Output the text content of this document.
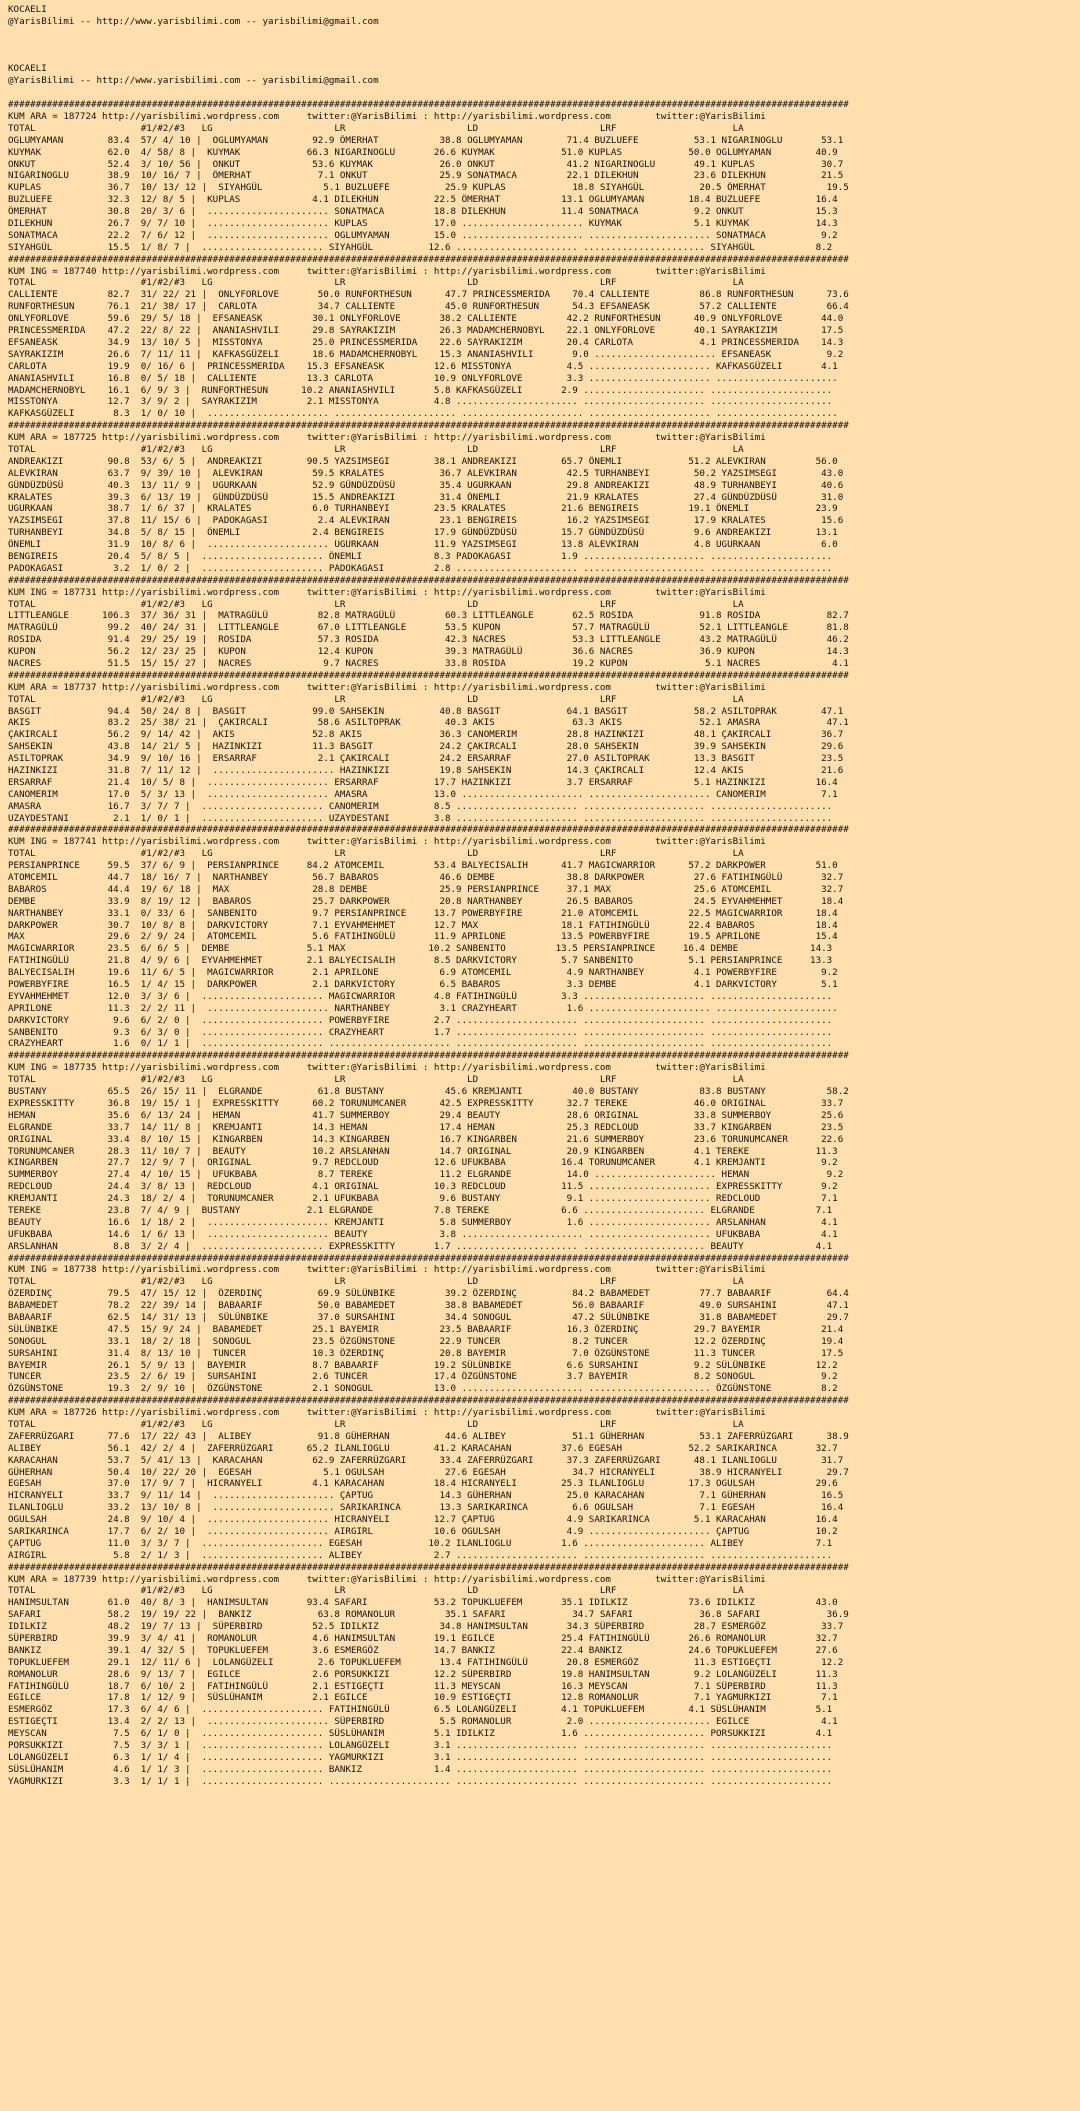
KOCAELI
@YarisBilimi -- http://www.yarisbilimi.com -- yarisbilimi@gmail.com
KOCAELI
@YarisBilimi -- http://www.yarisbilimi.com -- yarisbilimi@gmail.com
########################################################################################################################################################
KUM ARA = 187724 http://yarisbilimi.wordpress.com     twitter:@YarisBilimi : http://yarisbilimi.wordpress.com        twitter:@YarisBilimi
TOTAL                   #1/#2/#3   LG                      LR                      LD                      LRF                     LA
OGLUMYAMAN        83.4  57/ 4/ 10 |  OGLUMYAMAN        92.9 ÖMERHAT           38.8 OGLUMYAMAN        71.4 BUZLUEFE          53.1 NIGARINOGLU       53.1
KUYMAK            62.0  4/ 58/ 8 |  KUYMAK            66.3 NIGARINOGLU       26.6 KUYMAK            51.0 KUPLAS            50.0 OGLUMYAMAN        40.9
ONKUT             52.4  3/ 10/ 56 |  ONKUT             53.6 KUYMAK            26.0 ONKUT             41.2 NIGARINOGLU       49.1 KUPLAS            30.7
NIGARINOGLU       38.9  10/ 16/ 7 |  ÖMERHAT            7.1 ONKUT             25.9 SONATMACA         22.1 DILEKHUN          23.6 DILEKHUN          21.5
KUPLAS            36.7  10/ 13/ 12 |  SIYAHGÜL           5.1 BUZLUEFE          25.9 KUPLAS            18.8 SIYAHGÜL          20.5 ÖMERHAT           19.5
BUZLUEFE          32.3  12/ 8/ 5 |  KUPLAS             4.1 DILEKHUN          22.5 ÖMERHAT           13.1 OGLUMYAMAN        18.4 BUZLUEFE          16.4
ÖMERHAT           30.8  20/ 3/ 6 |  ...................... SONATMACA         18.8 DILEKHUN          11.4 SONATMACA          9.2 ONKUT             15.3
DILEKHUN          26.7  9/ 7/ 10 |  ...................... KUPLAS            17.0 ...................... KUYMAK             5.1 KUYMAK            14.3
SONATMACA         22.2  7/ 6/ 12 |  ...................... OGLUMYAMAN        15.0 ...................... ...................... SONATMACA          9.2
SIYAHGÜL          15.5  1/ 8/ 7 |  ...................... SIYAHGÜL          12.6 ...................... ...................... SIYAHGÜL           8.2
########################################################################################################################################################
KUM ING = 187740 http://yarisbilimi.wordpress.com     twitter:@YarisBilimi : http://yarisbilimi.wordpress.com        twitter:@YarisBilimi
TOTAL                   #1/#2/#3   LG                      LR                      LD                      LRF                     LA
CALLIENTE         82.7  31/ 22/ 21 |  ONLYFORLOVE       50.0 RUNFORTHESUN      47.7 PRINCESSMERIDA    70.4 CALLIENTE         86.8 RUNFORTHESUN      73.6
RUNFORTHESUN      76.1  21/ 38/ 17 |  CARLOTA           34.7 CALLIENTE         45.0 RUNFORTHESUN      54.3 EFSANEASK         57.2 CALLIENTE         66.4
ONLYFORLOVE       59.6  29/ 5/ 18 |  EFSANEASK         30.1 ONLYFORLOVE       38.2 CALLIENTE         42.2 RUNFORTHESUN      40.9 ONLYFORLOVE       44.0
PRINCESSMERIDA    47.2  22/ 8/ 22 |  ANANIASHVILI      29.8 SAYRAKIZIM        26.3 MADAMCHERNOBYL    22.1 ONLYFORLOVE       40.1 SAYRAKIZIM        17.5
EFSANEASK         34.9  13/ 10/ 5 |  MISSTONYA         25.0 PRINCESSMERIDA    22.6 SAYRAKIZIM        20.4 CARLOTA            4.1 PRINCESSMERIDA    14.3
SAYRAKIZIM        26.6  7/ 11/ 11 |  KAFKASGÜZELI      18.6 MADAMCHERNOBYL    15.3 ANANIASHVILI       9.0 ...................... EFSANEASK          9.2
CARLOTA           19.9  0/ 16/ 6 |  PRINCESSMERIDA    15.3 EFSANEASK         12.6 MISSTONYA          4.5 ...................... KAFKASGÜZELI       4.1
ANANIASHVILI      16.8  0/ 5/ 18 |  CALLIENTE         13.3 CARLOTA           10.9 ONLYFORLOVE        3.3 ...................... ......................
MADAMCHERNOBYL    16.1  6/ 9/ 3 |  RUNFORTHESUN      10.2 ANANIASHVILI       5.8 KAFKASGÜZELI       2.9 ...................... ......................
MISSTONYA         12.7  3/ 9/ 2 |  SAYRAKIZIM         2.1 MISSTONYA          4.8 ...................... ...................... ......................
KAFKASGÜZELI       8.3  1/ 0/ 10 |  ...................... ...................... ...................... ...................... ......................
########################################################################################################################################################
KUM ARA = 187725 http://yarisbilimi.wordpress.com     twitter:@YarisBilimi : http://yarisbilimi.wordpress.com        twitter:@YarisBilimi
TOTAL                   #1/#2/#3   LG                      LR                      LD                      LRF                     LA
ANDREAKIZI        90.8  53/ 6/ 5 |  ANDREAKIZI        90.5 YAZSIMSEGI        38.1 ANDREAKIZI        65.7 ÖNEMLI            51.2 ALEVKIRAN         56.0
ALEVKIRAN         63.7  9/ 39/ 10 |  ALEVKIRAN         59.5 KRALATES          36.7 ALEVKIRAN         42.5 TURHANBEYI        50.2 YAZSIMSEGI        43.0
GÜNDÜZDÜSÜ        40.3  13/ 11/ 9 |  UGURKAAN          52.9 GÜNDÜZDÜSÜ        35.4 UGURKAAN          29.8 ANDREAKIZI        48.9 TURHANBEYI        40.6
KRALATES          39.3  6/ 13/ 19 |  GÜNDÜZDÜSÜ        15.5 ANDREAKIZI        31.4 ÖNEMLI            21.9 KRALATES          27.4 GÜNDÜZDÜSÜ        31.0
UGURKAAN          38.7  1/ 6/ 37 |  KRALATES           6.0 TURHANBEYI        23.5 KRALATES          21.6 BENGIREIS         19.1 ÖNEMLI            23.9
YAZSIMSEGI        37.8  11/ 15/ 6 |  PADOKAGASI         2.4 ALEVKIRAN         23.1 BENGIREIS         16.2 YAZSIMSEGI        17.9 KRALATES          15.6
TURHANBEYI        34.8  5/ 8/ 15 |  ÖNEMLI             2.4 BENGIREIS         17.9 GÜNDÜZDÜSÜ        15.7 GÜNDÜZDÜSÜ         9.6 ANDREAKIZI        13.1
ÖNEMLI            31.9  10/ 8/ 6 |  ...................... UGURKAAN          11.9 YAZSIMSEGI        13.8 ALEVKIRAN          4.8 UGURKAAN           6.0
BENGIREIS         20.4  5/ 8/ 5 |  ...................... ÖNEMLI             8.3 PADOKAGASI         1.9 ...................... ......................
PADOKAGASI         3.2  1/ 0/ 2 |  ...................... PADOKAGASI         2.8 ...................... ...................... ......................
########################################################################################################################################################
KUM ING = 187731 http://yarisbilimi.wordpress.com     twitter:@YarisBilimi : http://yarisbilimi.wordpress.com        twitter:@YarisBilimi
TOTAL                   #1/#2/#3   LG                      LR                      LD                      LRF                     LA
LITTLEANGLE      106.3  37/ 36/ 31 |  MATRAGÜLÜ         82.8 MATRAGÜLÜ         60.3 LITTLEANGLE       62.5 ROSIDA            91.8 ROSIDA            82.7
MATRAGÜLÜ         99.2  40/ 24/ 31 |  LITTLEANGLE       67.0 LITTLEANGLE       53.5 KUPON             57.7 MATRAGÜLÜ         52.1 LITTLEANGLE       81.8
ROSIDA            91.4  29/ 25/ 19 |  ROSIDA            57.3 ROSIDA            42.3 NACRES            53.3 LITTLEANGLE       43.2 MATRAGÜLÜ         46.2
KUPON             56.2  12/ 23/ 25 |  KUPON             12.4 KUPON             39.3 MATRAGÜLÜ         36.6 NACRES            36.9 KUPON             14.3
NACRES            51.5  15/ 15/ 27 |  NACRES             9.7 NACRES            33.8 ROSIDA            19.2 KUPON              5.1 NACRES             4.1
########################################################################################################################################################
KUM ARA = 187737 http://yarisbilimi.wordpress.com     twitter:@YarisBilimi : http://yarisbilimi.wordpress.com        twitter:@YarisBilimi
TOTAL                   #1/#2/#3   LG                      LR                      LD                      LRF                     LA
BASGIT            94.4  50/ 24/ 8 |  BASGIT            99.0 SAHSEKIN          40.8 BASGIT            64.1 BASGIT            58.2 ASILTOPRAK        47.1
AKIS              83.2  25/ 38/ 21 |  ÇAKIRCALI         58.6 ASILTOPRAK        40.3 AKIS              63.3 AKIS              52.1 AMASRA            47.1
ÇAKIRCALI         56.2  9/ 14/ 42 |  AKIS              52.8 AKIS              36.3 CANOMERIM         28.8 HAZINKIZI         48.1 ÇAKIRCALI         36.7
SAHSEKIN          43.8  14/ 21/ 5 |  HAZINKIZI         11.3 BASGIT            24.2 ÇAKIRCALI         28.0 SAHSEKIN          39.9 SAHSEKIN          29.6
ASILTOPRAK        34.9  9/ 10/ 16 |  ERSARRAF           2.1 ÇAKIRCALI         24.2 ERSARRAF          27.0 ASILTOPRAK        13.3 BASGIT            23.5
HAZINKIZI         31.8  7/ 11/ 12 |  ...................... HAZINKIZI         19.8 SAHSEKIN          14.3 ÇAKIRCALI         12.4 AKIS              21.6
ERSARRAF          21.4  10/ 5/ 8 |  ...................... ERSARRAF          17.7 HAZINKIZI          3.7 ERSARRAF           5.1 HAZINKIZI         16.4
CANOMERIM         17.0  5/ 3/ 13 |  ...................... AMASRA            13.0 ...................... ...................... CANOMERIM          7.1
AMASRA            16.7  3/ 7/ 7 |  ...................... CANOMERIM          8.5 ...................... ...................... ......................
UZAYDESTANI        2.1  1/ 0/ 1 |  ...................... UZAYDESTANI        3.8 ...................... ...................... ......................
########################################################################################################################################################
KUM ING = 187741 http://yarisbilimi.wordpress.com     twitter:@YarisBilimi : http://yarisbilimi.wordpress.com        twitter:@YarisBilimi
TOTAL                   #1/#2/#3   LG                      LR                      LD                      LRF                     LA
PERSIANPRINCE     59.5  37/ 6/ 9 |  PERSIANPRINCE     84.2 ATOMCEMIL         53.4 BALYECISALIH      41.7 MAGICWARRIOR      57.2 DARKPOWER         51.0
ATOMCEMIL         44.7  18/ 16/ 7 |  NARTHANBEY        56.7 BABAROS           46.6 DEMBE             38.8 DARKPOWER         27.6 FATIHINGÜLÜ       32.7
BABAROS           44.4  19/ 6/ 18 |  MAX               28.8 DEMBE             25.9 PERSIANPRINCE     37.1 MAX               25.6 ATOMCEMIL         32.7
DEMBE             33.9  8/ 19/ 12 |  BABAROS           25.7 DARKPOWER         20.8 NARTHANBEY        26.5 BABAROS           24.5 EYVAHMEHMET       18.4
NARTHANBEY        33.1  0/ 33/ 6 |  SANBENITO          9.7 PERSIANPRINCE     13.7 POWERBYFIRE       21.0 ATOMCEMIL         22.5 MAGICWARRIOR      18.4
DARKPOWER         30.7  10/ 8/ 8 |  DARKVICTORY        7.1 EYVAHMEHMET       12.7 MAX               18.1 FATIHINGÜLÜ       22.4 BABAROS           18.4
MAX               29.6  2/ 9/ 24 |  ATOMCEMIL          5.6 FATIHINGÜLÜ       11.9 APRILONE          13.5 POWERBYFIRE       19.5 APRILONE          15.4
MAGICWARRIOR      23.5  6/ 6/ 5 |  DEMBE              5.1 MAX               10.2 SANBENITO         13.5 PERSIANPRINCE     16.4 DEMBE             14.3
FATIHINGÜLÜ       21.8  4/ 9/ 6 |  EYVAHMEHMET        2.1 BALYECISALIH       8.5 DARKVICTORY        5.7 SANBENITO          5.1 PERSIANPRINCE     13.3
BALYECISALIH      19.6  11/ 6/ 5 |  MAGICWARRIOR       2.1 APRILONE           6.9 ATOMCEMIL          4.9 NARTHANBEY         4.1 POWERBYFIRE        9.2
POWERBYFIRE       16.5  1/ 4/ 15 |  DARKPOWER          2.1 DARKVICTORY        6.5 BABAROS            3.3 DEMBE              4.1 DARKVICTORY        5.1
EYVAHMEHMET       12.0  3/ 3/ 6 |  ...................... MAGICWARRIOR       4.8 FATIHINGÜLÜ        3.3 ...................... ......................
APRILONE          11.3  2/ 2/ 11 |  ...................... NARTHANBEY         3.1 CRAZYHEART         1.6 ...................... ......................
DARKVICTORY        9.6  6/ 2/ 0 |  ...................... POWERBYFIRE        2.7 ...................... ...................... ......................
SANBENITO          9.3  6/ 3/ 0 |  ...................... CRAZYHEART         1.7 ...................... ...................... ......................
CRAZYHEART         1.6  0/ 1/ 1 |  ...................... ...................... ...................... ...................... ......................
########################################################################################################################################################
KUM ING = 187735 http://yarisbilimi.wordpress.com     twitter:@YarisBilimi : http://yarisbilimi.wordpress.com        twitter:@YarisBilimi
TOTAL                   #1/#2/#3   LG                      LR                      LD                      LRF                     LA
BUSTANY           65.5  26/ 15/ 11 |  ELGRANDE          61.8 BUSTANY           45.6 KREMJANTI         40.0 BUSTANY           83.8 BUSTANY           58.2
EXPRESSKITTY      36.8  19/ 15/ 1 |  EXPRESSKITTY      60.2 TORUNUMCANER      42.5 EXPRESSKITTY      32.7 TEREKE            46.0 ORIGINAL          33.7
HEMAN             35.6  6/ 13/ 24 |  HEMAN             41.7 SUMMERBOY         29.4 BEAUTY            28.6 ORIGINAL          33.8 SUMMERBOY         25.6
ELGRANDE          33.7  14/ 11/ 8 |  KREMJANTI         14.3 HEMAN             17.4 HEMAN             25.3 REDCLOUD          33.7 KINGARBEN         23.5
ORIGINAL          33.4  8/ 10/ 15 |  KINGARBEN         14.3 KINGARBEN         16.7 KINGARBEN         21.6 SUMMERBOY         23.6 TORUNUMCANER      22.6
TORUNUMCANER      28.3  11/ 10/ 7 |  BEAUTY            10.2 ARSLANHAN         14.7 ORIGINAL          20.9 KINGARBEN         4.1 TEREKE            11.3
KINGARBEN         27.7  12/ 9/ 7 |  ORIGINAL           9.7 REDCLOUD          12.6 UFUKBABA          16.4 TORUNUMCANER       4.1 KREMJANTI          9.2
SUMMERBOY         27.4  4/ 10/ 15 |  UFUKBABA           8.7 TEREKE            11.2 ELGRANDE          14.0 ...................... HEMAN              9.2
REDCLOUD          24.4  3/ 8/ 13 |  REDCLOUD           4.1 ORIGINAL          10.3 REDCLOUD          11.5 ...................... EXPRESSKITTY       9.2
KREMJANTI         24.3  18/ 2/ 4 |  TORUNUMCANER       2.1 UFUKBABA           9.6 BUSTANY            9.1 ...................... REDCLOUD           7.1
TEREKE            23.8  7/ 4/ 9 |  BUSTANY            2.1 ELGRANDE           7.8 TEREKE             6.6 ...................... ELGRANDE           7.1
BEAUTY            16.6  1/ 18/ 2 |  ...................... KREMJANTI          5.8 SUMMERBOY          1.6 ...................... ARSLANHAN          4.1
UFUKBABA          14.6  1/ 6/ 13 |  ...................... BEAUTY             3.8 ...................... ...................... UFUKBABA           4.1
ARSLANHAN          8.8  3/ 2/ 4 |  ...................... EXPRESSKITTY       1.7 ...................... ...................... BEAUTY             4.1
########################################################################################################################################################
KUM ING = 187738 http://yarisbilimi.wordpress.com     twitter:@YarisBilimi : http://yarisbilimi.wordpress.com        twitter:@YarisBilimi
TOTAL                   #1/#2/#3   LG                      LR                      LD                      LRF                     LA
ÖZERDINÇ          79.5  47/ 15/ 12 |  ÖZERDINÇ          69.9 SÜLÜNBIKE         39.2 ÖZERDINÇ          84.2 BABAMEDET         77.7 BABAARIF          64.4
BABAMEDET         78.2  22/ 39/ 14 |  BABAARIF          50.0 BABAMEDET         38.8 BABAMEDET         56.0 BABAARIF          49.0 SURSAHINI         47.1
BABAARIF          62.5  14/ 31/ 13 |  SÜLÜNBIKE         37.0 SURSAHINI         34.4 SONOGUL           47.2 SÜLÜNBIKE         31.8 BABAMEDET         29.7
SÜLÜNBIKE         47.5  15/ 9/ 24 |  BABAMEDET         25.1 BAYEMIR           23.5 BABAARIF          16.3 ÖZERDINÇ          29.7 BAYEMIR           21.4
SONOGUL           33.1  18/ 2/ 18 |  SONOGUL           23.5 ÖZGÜNSTONE        22.9 TUNCER             8.2 TUNCER            12.2 ÖZERDINÇ          19.4
SURSAHINI         31.4  8/ 13/ 10 |  TUNCER            10.3 ÖZERDINÇ          20.8 BAYEMIR            7.0 ÖZGÜNSTONE        11.3 TUNCER            17.5
BAYEMIR           26.1  5/ 9/ 13 |  BAYEMIR            8.7 BABAARIF          19.2 SÜLÜNBIKE          6.6 SURSAHINI          9.2 SÜLÜNBIKE         12.2
TUNCER            23.5  2/ 6/ 19 |  SURSAHINI          2.6 TUNCER            17.4 ÖZGÜNSTONE         3.7 BAYEMIR            8.2 SONOGUL            9.2
ÖZGÜNSTONE        19.3  2/ 9/ 10 |  ÖZGÜNSTONE         2.1 SONOGUL           13.0 ...................... ...................... ÖZGÜNSTONE         8.2
########################################################################################################################################################
KUM ARA = 187726 http://yarisbilimi.wordpress.com     twitter:@YarisBilimi : http://yarisbilimi.wordpress.com        twitter:@YarisBilimi
TOTAL                   #1/#2/#3   LG                      LR                      LD                      LRF                     LA
ZAFERRÜZGARI      77.6  17/ 22/ 43 |  ALIBEY            91.8 GÜHERHAN          44.6 ALIBEY            51.1 GÜHERHAN          53.1 ZAFERRÜZGARI      38.9
ALIBEY            56.1  42/ 2/ 4 |  ZAFERRÜZGARI      65.2 ILANLIOGLU        41.2 KARACAHAN         37.6 EGESAH            52.2 SARIKARINCA       32.7
KARACAHAN         53.7  5/ 41/ 13 |  KARACAHAN         62.9 ZAFERRÜZGARI      33.4 ZAFERRÜZGARI      37.3 ZAFERRÜZGARI      48.1 ILANLIOGLU        31.7
GÜHERHAN          50.4  10/ 22/ 20 |  EGESAH             5.1 OGULSAH           27.6 EGESAH            34.7 HICRANYELI        38.9 HICRANYELI        29.7
EGESAH            37.0  17/ 9/ 7 |  HICRANYELI         4.1 KARACAHAN         18.4 HICRANYELI        25.3 ILANLIOGLU        17.3 OGULSAH           29.6
HICRANYELI        33.7  9/ 11/ 14 |  ...................... ÇAPTUG            14.3 GÜHERHAN          25.0 KARACAHAN          7.1 GÜHERHAN          16.5
ILANLIOGLU        33.2  13/ 10/ 8 |  ...................... SARIKARINCA       13.3 SARIKARINCA        6.6 OGULSAH            7.1 EGESAH            16.4
OGULSAH           24.8  9/ 10/ 4 |  ...................... HICRANYELI        12.7 ÇAPTUG             4.9 SARIKARINCA        5.1 KARACAHAN         16.4
SARIKARINCA       17.7  6/ 2/ 10 |  ...................... AIRGIRL           10.6 OGULSAH            4.9 ...................... ÇAPTUG            10.2
ÇAPTUG            11.0  3/ 3/ 7 |  ...................... EGESAH            10.2 ILANLIOGLU         1.6 ...................... ALIBEY             7.1
AIRGIRL            5.8  2/ 1/ 3 |  ...................... ALIBEY             2.7 ...................... ...................... ......................
########################################################################################################################################################
KUM ARA = 187739 http://yarisbilimi.wordpress.com     twitter:@YarisBilimi : http://yarisbilimi.wordpress.com        twitter:@YarisBilimi
TOTAL                   #1/#2/#3   LG                      LR                      LD                      LRF                     LA
HANIMSULTAN       61.0  40/ 8/ 3 |  HANIMSULTAN       93.4 SAFARI            53.2 TOPUKLUEFEM       35.1 IDILKIZ           73.6 IDILKIZ           43.0
SAFARI            58.2  19/ 19/ 22 |  BANKIZ            63.8 ROMANOLUR         35.1 SAFARI            34.7 SAFARI            36.8 SAFARI            36.9
IDILKIZ           48.2  19/ 7/ 13 |  SÜPERBIRD         52.5 IDILKIZ           34.8 HANIMSULTAN       34.3 SÜPERBIRD         28.7 ESMERGÖZ          33.7
SÜPERBIRD         39.9  3/ 4/ 41 |  ROMANOLUR          4.6 HANIMSULTAN       19.1 EGILCE            25.4 FATIHINGÜLÜ       26.6 ROMANOLUR         32.7
BANKIZ            39.1  4/ 32/ 5 |  TOPUKLUEFEM        3.6 ESMERGÖZ          14.7 BANKIZ            22.4 BANKIZ            24.6 TOPUKLUEFEM       27.6
TOPUKLUEFEM       29.1  12/ 11/ 6 |  LOLANGÜZELI        2.6 TOPUKLUEFEM       13.4 FATIHINGÜLÜ       20.8 ESMERGÖZ          11.3 ESTIGEÇTI         12.2
ROMANOLUR         28.6  9/ 13/ 7 |  EGILCE             2.6 PORSUKKIZI        12.2 SÜPERBIRD         19.8 HANIMSULTAN        9.2 LOLANGÜZELI       11.3
FATIHINGÜLÜ       18.7  6/ 10/ 2 |  FATIHINGÜLÜ        2.1 ESTIGEÇTI         11.3 MEYSCAN           16.3 MEYSCAN            7.1 SÜPERBIRD         11.3
EGILCE            17.8  1/ 12/ 9 |  SÜSLÜHANIM         2.1 EGILCE            10.9 ESTIGEÇTI         12.8 ROMANOLUR          7.1 YAGMURKIZI         7.1
ESMERGÖZ          17.3  6/ 4/ 6 |  ...................... FATIHINGÜLÜ        6.5 LOLANGÜZELI        4.1 TOPUKLUEFEM        4.1 SÜSLÜHANIM         5.1
ESTIGEÇTI         13.4  2/ 2/ 13 |  ...................... SÜPERBIRD          5.5 ROMANOLUR          2.0 ...................... EGILCE             4.1
MEYSCAN            7.5  6/ 1/ 0 |  ...................... SÜSLÜHANIM         5.1 IDILKIZ            1.6 ...................... PORSUKKIZI         4.1
PORSUKKIZI         7.5  3/ 3/ 1 |  ...................... LOLANGÜZELI        3.1 ...................... ...................... ......................
LOLANGÜZELI        6.3  1/ 1/ 4 |  ...................... YAGMURKIZI         3.1 ...................... ...................... ......................
SÜSLÜHANIM         4.6  1/ 1/ 3 |  ...................... BANKIZ             1.4 ...................... ...................... ......................
YAGMURKIZI         3.3  1/ 1/ 1 |  ...................... ...................... ...................... ...................... ......................
